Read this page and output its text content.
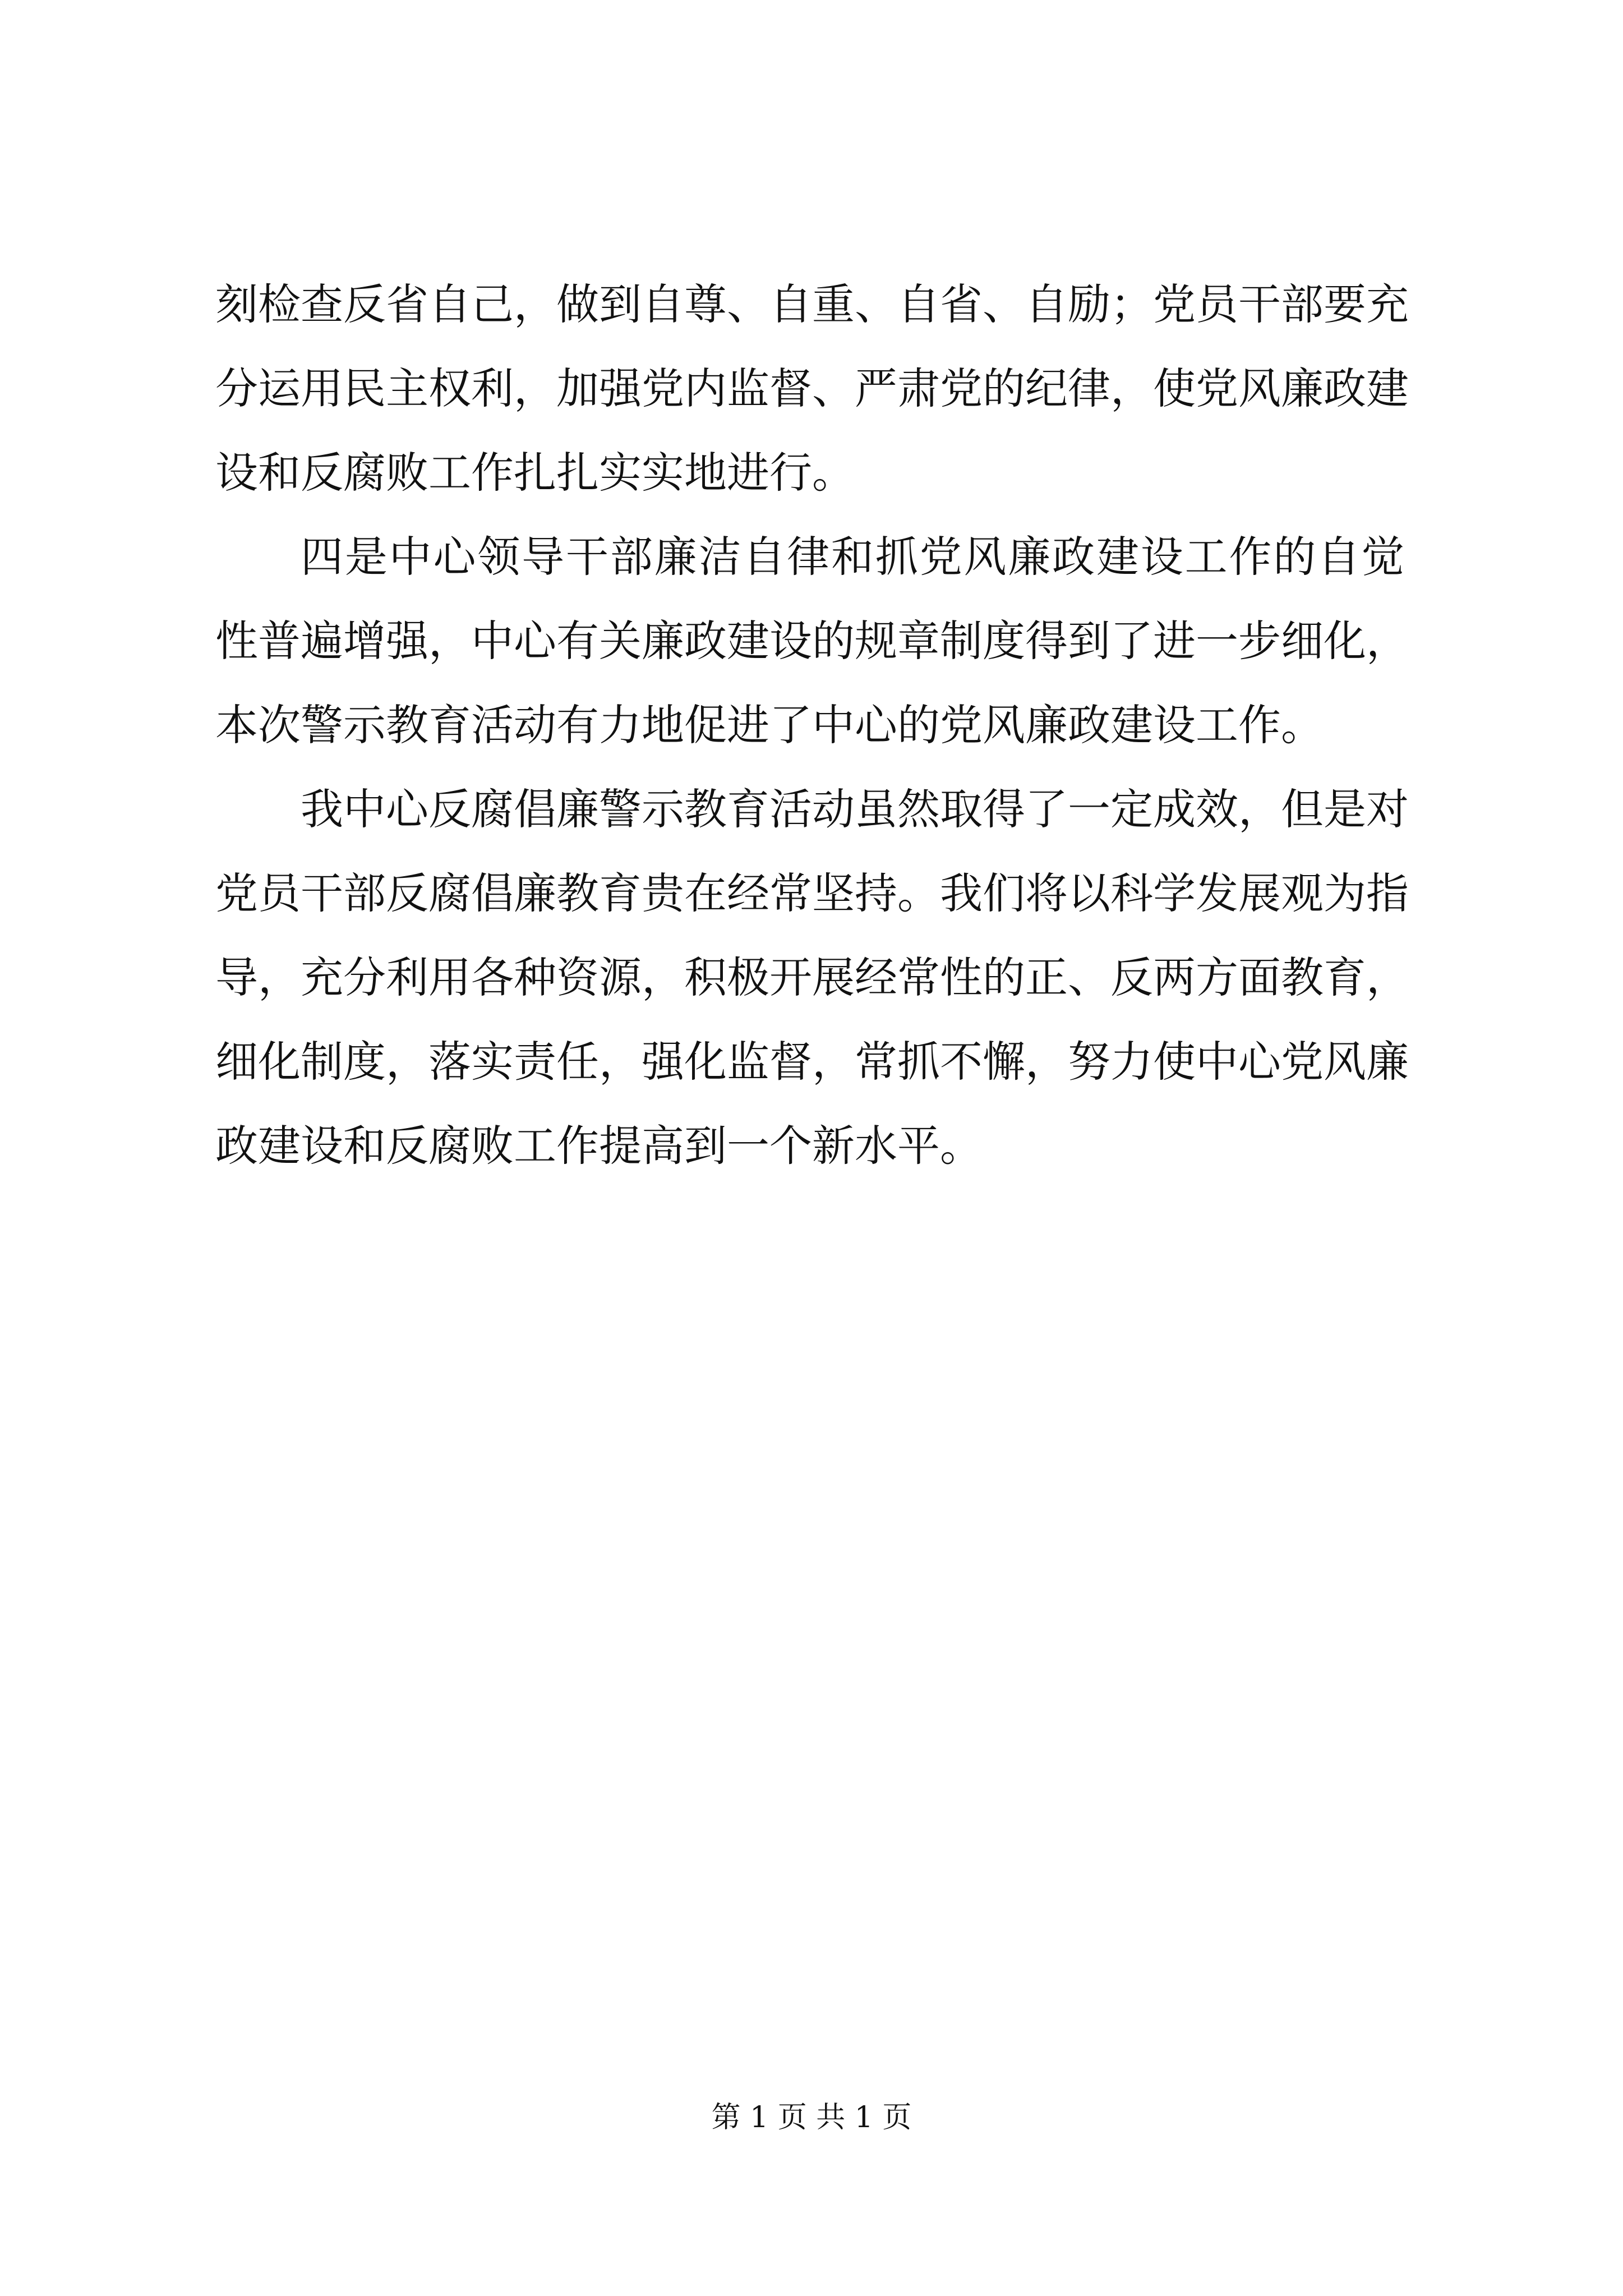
刻检查反省自己，做到自尊、自重、自省、自励；党员干部要充
分运用民主权利，加强党内监督、严肃党的纪律，使党风廉政建
设和反腐败工作扎扎实实地进行。
四是中心领导干部廉洁自律和抓党风廉政建设工作的自觉
性普遍增强，中心有关廉政建设的规章制度得到了进一步细化，
本次警示教育活动有力地促进了中心的党风廉政建设工作。
我中心反腐倡廉警示教育活动虽然取得了一定成效，但是对
党员干部反腐倡廉教育贵在经常坚持。我们将以科学发展观为指
导，充分利用各种资源，积极开展经常性的正、反两方面教育，
细化制度，落实责任，强化监督，常抓不懈，努力使中心党风廉
政建设和反腐败工作提高到一个新水平。
第 1 页 共 1 页
